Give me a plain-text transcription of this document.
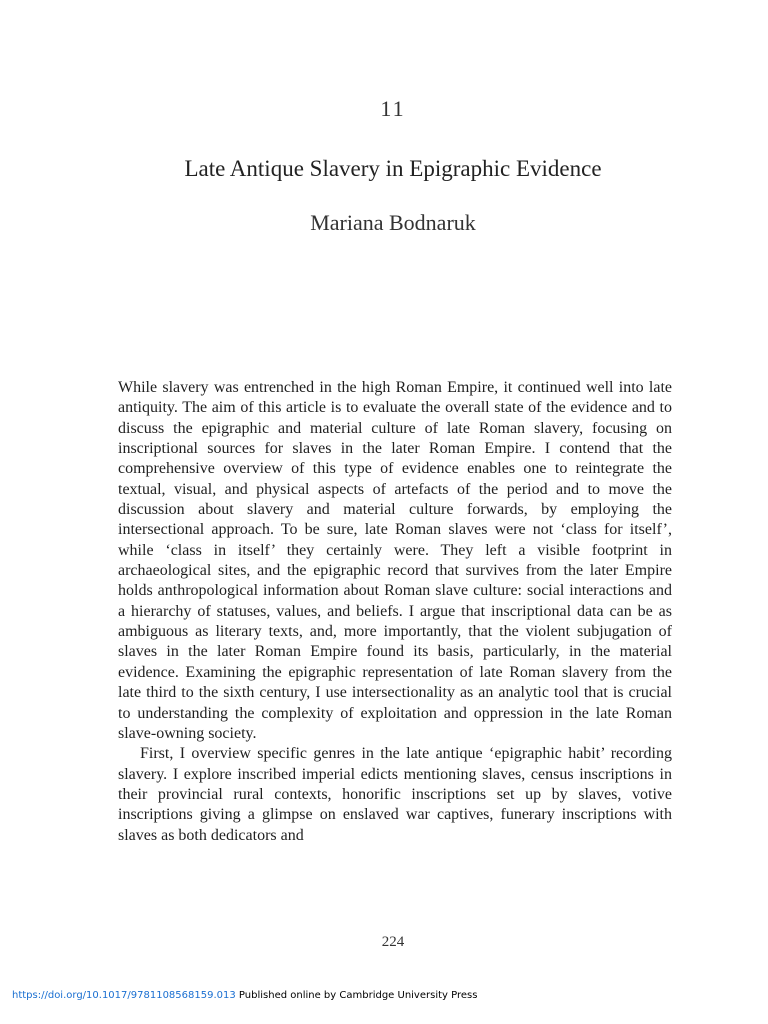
11
Late Antique Slavery in Epigraphic Evidence
Mariana Bodnaruk

While slavery was entrenched in the high Roman Empire, it continued well into late antiquity. The aim of this article is to evaluate the overall state of the evidence and to discuss the epigraphic and material culture of late Roman slavery, focusing on inscriptional sources for slaves in the later Roman Empire. I contend that the comprehensive overview of this type of evidence enables one to reintegrate the textual, visual, and physical aspects of artefacts of the period and to move the discussion about slavery and material culture forwards, by employing the intersectional approach. To be sure, late Roman slaves were not ‘class for itself’, while ‘class in itself’ they certainly were. They left a visible footprint in archaeological sites, and the epigraphic record that survives from the later Empire holds anthropological information about Roman slave culture: social interactions and a hierarchy of statuses, values, and beliefs. I argue that inscriptional data can be as ambiguous as literary texts, and, more importantly, that the violent subjugation of slaves in the later Roman Empire found its basis, particularly, in the material evidence. Examining the epigraphic representation of late Roman slavery from the late third to the sixth century, I use intersectionality as an analytic tool that is crucial to understanding the complexity of exploitation and oppression in the late Roman slave-owning society.

First, I overview specific genres in the late antique ‘epigraphic habit’ recording slavery. I explore inscribed imperial edicts mentioning slaves, census inscriptions in their provincial rural contexts, honorific inscriptions set up by slaves, votive inscriptions giving a glimpse on enslaved war captives, funerary inscriptions with slaves as both dedicators and

224
https://doi.org/10.1017/9781108568159.013 Published online by Cambridge University Press
